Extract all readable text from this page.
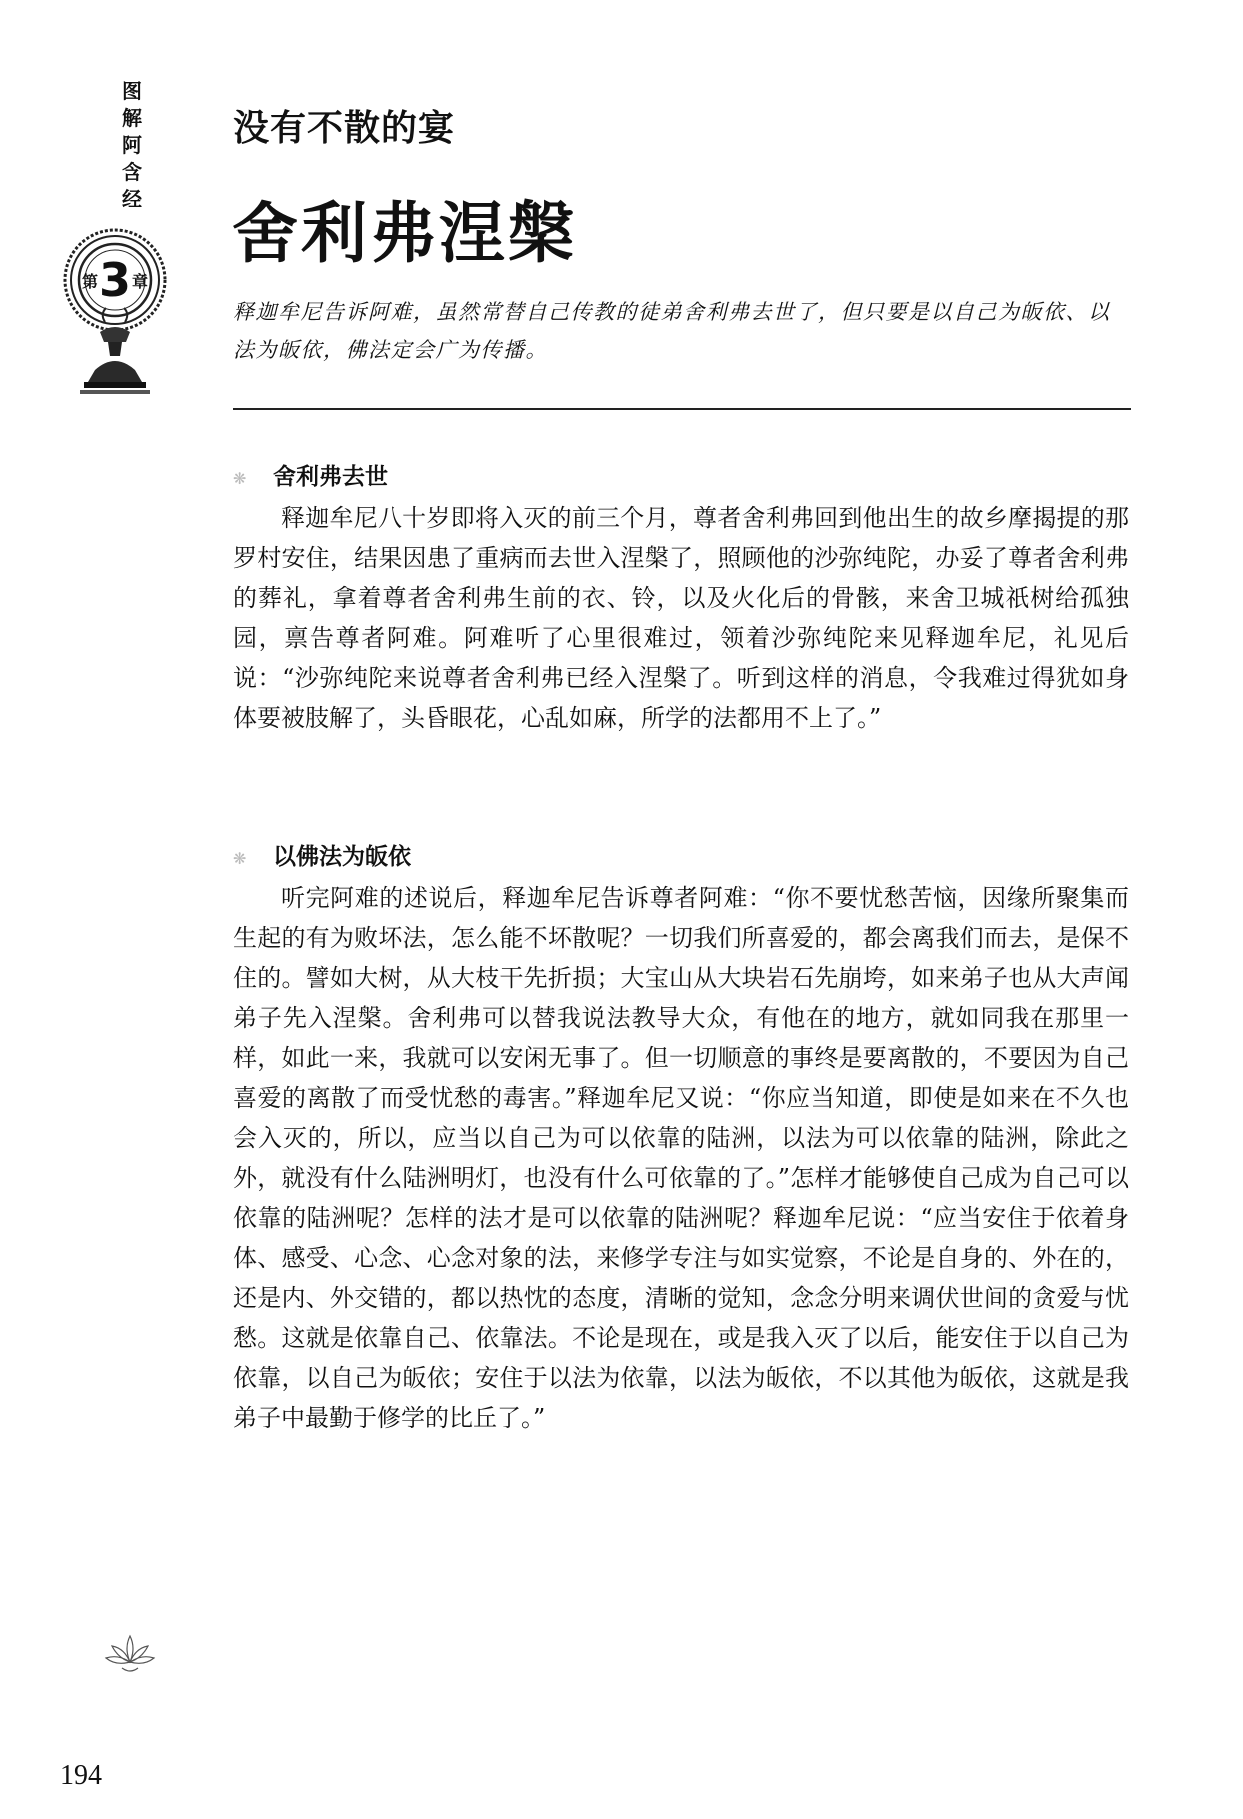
图
解
阿
含
经
第 3 章
没有不散的宴
舍利弗涅槃

释迦牟尼告诉阿难，虽然常替自己传教的徒弟舍利弗去世了，但只要是以自己为皈依、以法为皈依，佛法定会广为传播。

❋ 舍利弗去世

释迦牟尼八十岁即将入灭的前三个月，尊者舍利弗回到他出生的故乡摩揭提的那罗村安住，结果因患了重病而去世入涅槃了，照顾他的沙弥纯陀，办妥了尊者舍利弗的葬礼，拿着尊者舍利弗生前的衣、铃，以及火化后的骨骸，来舍卫城祇树给孤独园，禀告尊者阿难。阿难听了心里很难过，领着沙弥纯陀来见释迦牟尼，礼见后说：“沙弥纯陀来说尊者舍利弗已经入涅槃了。听到这样的消息，令我难过得犹如身体要被肢解了，头昏眼花，心乱如麻，所学的法都用不上了。”

❋ 以佛法为皈依

听完阿难的述说后，释迦牟尼告诉尊者阿难：“你不要忧愁苦恼，因缘所聚集而生起的有为败坏法，怎么能不坏散呢？一切我们所喜爱的，都会离我们而去，是保不住的。譬如大树，从大枝干先折损；大宝山从大块岩石先崩垮，如来弟子也从大声闻弟子先入涅槃。舍利弗可以替我说法教导大众，有他在的地方，就如同我在那里一样，如此一来，我就可以安闲无事了。但一切顺意的事终是要离散的，不要因为自己喜爱的离散了而受忧愁的毒害。”释迦牟尼又说：“你应当知道，即使是如来在不久也会入灭的，所以，应当以自己为可以依靠的陆洲，以法为可以依靠的陆洲，除此之外，就没有什么陆洲明灯，也没有什么可依靠的了。”怎样才能够使自己成为自己可以依靠的陆洲呢？怎样的法才是可以依靠的陆洲呢？释迦牟尼说：“应当安住于依着身体、感受、心念、心念对象的法，来修学专注与如实觉察，不论是自身的、外在的，还是内、外交错的，都以热忱的态度，清晰的觉知，念念分明来调伏世间的贪爱与忧愁。这就是依靠自己、依靠法。不论是现在，或是我入灭了以后，能安住于以自己为依靠，以自己为皈依；安住于以法为依靠，以法为皈依，不以其他为皈依，这就是我弟子中最勤于修学的比丘了。”

194
